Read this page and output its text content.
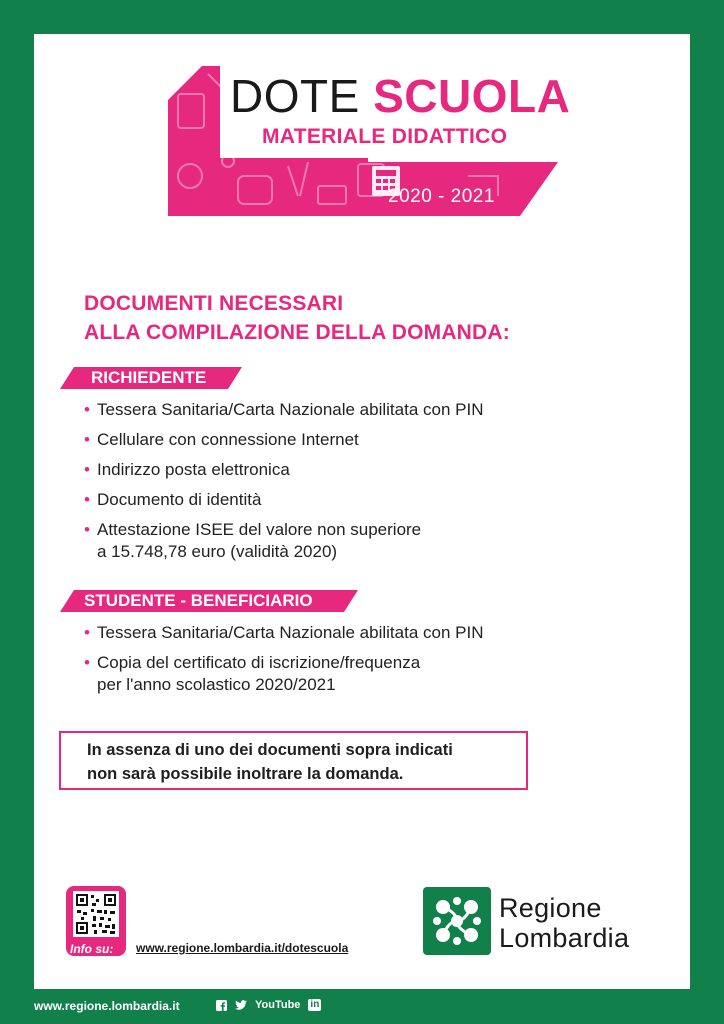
DOTE SCUOLA
MATERIALE DIDATTICO
2020 - 2021
DOCUMENTI NECESSARI
ALLA COMPILAZIONE DELLA DOMANDA:
RICHIEDENTE
• Tessera Sanitaria/Carta Nazionale abilitata con PIN
• Cellulare con connessione Internet
• Indirizzo posta elettronica
• Documento di identità
• Attestazione ISEE del valore non superiore
a 15.748,78 euro (validità 2020)
STUDENTE - BENEFICIARIO
• Tessera Sanitaria/Carta Nazionale abilitata con PIN
• Copia del certificato di iscrizione/frequenza
per l'anno scolastico 2020/2021
In assenza di uno dei documenti sopra indicati
non sarà possibile inoltrare la domanda.
Info su: www.regione.lombardia.it/dotescuola
Regione
Lombardia
www.regione.lombardia.it	YouTube in
